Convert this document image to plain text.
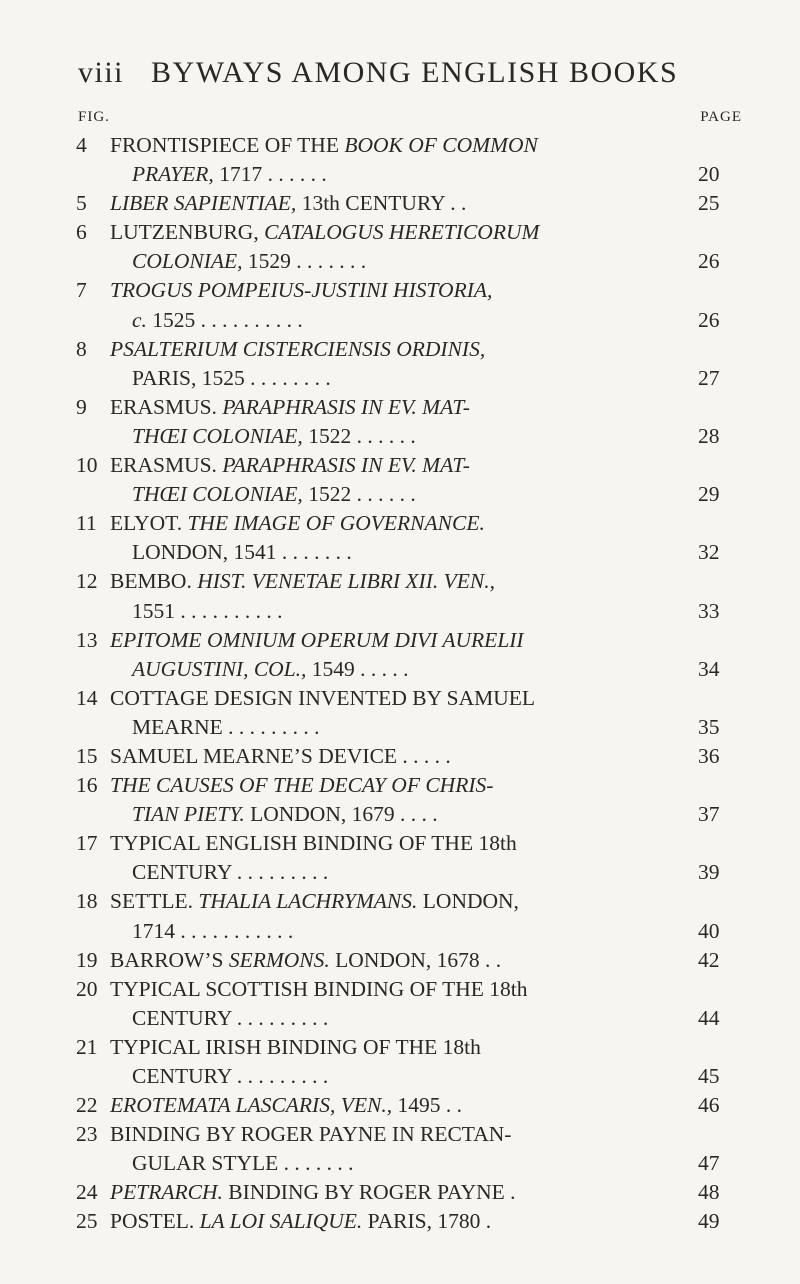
viii BYWAYS AMONG ENGLISH BOOKS
FIG.	PAGE
4	FRONTISPIECE OF THE BOOK OF COMMON
PRAYER, 1717 . . . . . .	20
5	LIBER SAPIENTIAE, 13th CENTURY . .	25
6	LUTZENBURG, CATALOGUS HERETICORUM
COLONIAE, 1529 . . . . . . .	26
7	TROGUS POMPEIUS-JUSTINI HISTORIA,
c. 1525 . . . . . . . . . .	26
8	PSALTERIUM CISTERCIENSIS ORDINIS,
PARIS, 1525 . . . . . . . .	27
9	ERASMUS. PARAPHRASIS IN EV. MAT-
THŒI COLONIAE, 1522 . . . . . .	28
10 ERASMUS. PARAPHRASIS IN EV. MAT-
THŒI COLONIAE, 1522 . . . . . .	29
11 ELYOT. THE IMAGE OF GOVERNANCE.
LONDON, 1541 . . . . . . .	32
12 BEMBO. HIST. VENETAE LIBRI XII. VEN.,
1551 . . . . . . . . . .	33
13 EPITOME OMNIUM OPERUM DIVI AURELII
AUGUSTINI, COL., 1549 . . . . .	34
14 COTTAGE DESIGN INVENTED BY SAMUEL
MEARNE . . . . . . . . .	35
15 SAMUEL MEARNE’S DEVICE . . . . .	36
16 THE CAUSES OF THE DECAY OF CHRIS-
TIAN PIETY. LONDON, 1679 . . . .	37
17 TYPICAL ENGLISH BINDING OF THE 18th
CENTURY . . . . . . . . .	39
18 SETTLE. THALIA LACHRYMANS. LONDON,
1714 . . . . . . . . . . .	40
19 BARROW’S SERMONS. LONDON, 1678 . .	42
20 TYPICAL SCOTTISH BINDING OF THE 18th
CENTURY . . . . . . . . .	44
21 TYPICAL IRISH BINDING OF THE 18th
CENTURY . . . . . . . . .	45
22 EROTEMATA LASCARIS, VEN., 1495 . .	46
23 BINDING BY ROGER PAYNE IN RECTAN-
GULAR STYLE . . . . . . .	47
24 PETRARCH. BINDING BY ROGER PAYNE .	48
25 POSTEL. LA LOI SALIQUE. PARIS, 1780 .	49
